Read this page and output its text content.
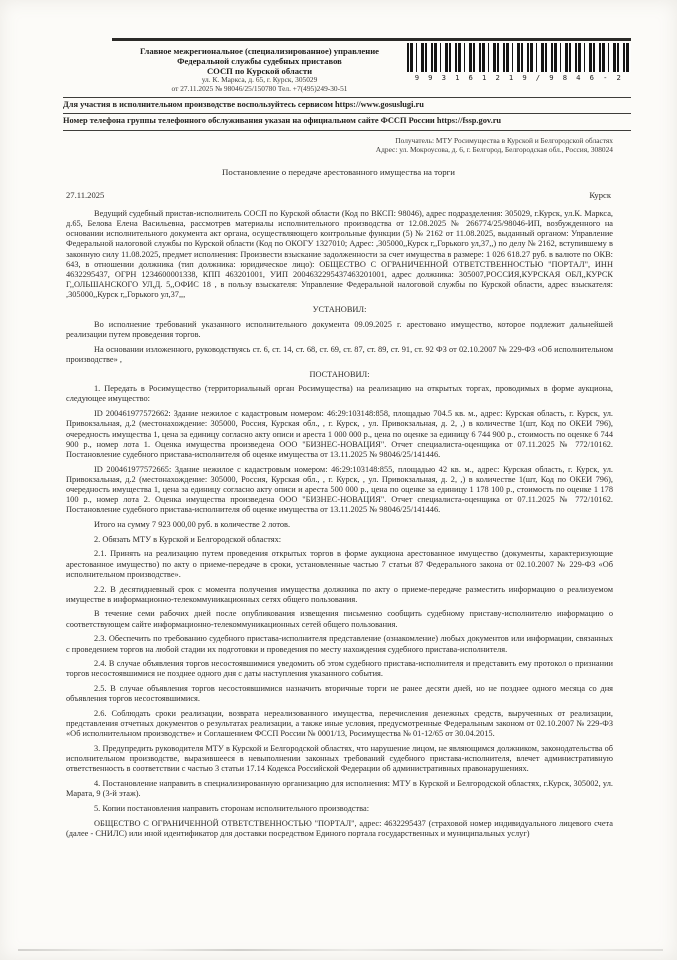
Главное межрегиональное (специализированное) управление
Федеральной службы судебных приставов
СОСП по Курской области
ул. К. Маркса, д. 65, г. Курск, 305029
от 27.11.2025 № 98046/25/150780 Тел. +7(495)249-30-51
9 9 3 1 6 1 2 1 9 / 9 8 4 6 - 2
Для участия в исполнительном производстве воспользуйтесь сервисом https://www.gosuslugi.ru
Номер телефона группы телефонного обслуживания указан на официальном сайте ФССП России https://fssp.gov.ru
Получатель: МТУ Росимущества в Курской и Белгородской областях
Адрес: ул. Мокроусова, д. 6, г. Белгород, Белгородская обл., Россия, 308024
Постановление о передаче арестованного имущества на торги
27.11.2025	Курск

Ведущий судебный пристав-исполнитель СОСП по Курской области (Код по ВКСП: 98046), адрес подразделения: 305029, г.Курск, ул.К. Маркса, д.65, Белова Елена Васильевна, рассмотрев материалы исполнительного производства от 12.08.2025 № 266774/25/98046-ИП, возбужденного на основании исполнительного документа акт органа, осуществляющего контрольные функции (5) № 2162 от 11.08.2025, выданный органом: Управление Федеральной налоговой службы по Курской области (Код по ОКОГУ 1327010; Адрес: ,305000,,Курск г,,Горького ул,37,,) по делу № 2162, вступившему в законную силу 11.08.2025, предмет исполнения: Произвести взыскание задолженности за счет имущества в размере: 1 026 618.27 руб. в валюте по ОКВ: 643, в отношении должника (тип должника: юридическое лицо): ОБЩЕСТВО С ОГРАНИЧЕННОЙ ОТВЕТСТВЕННОСТЬЮ "ПОРТАЛ", ИНН 4632295437, ОГРН 1234600001338, КПП 463201001, УИП 2004632295437463201001, адрес должника: 305007,РОССИЯ,КУРСКАЯ ОБЛ,,КУРСК Г,,ОЛЬШАНСКОГО УЛ,Д. 5,,ОФИС 18 , в пользу взыскателя: Управление Федеральной налоговой службы по Курской области, адрес взыскателя: ,305000,,Курск г,,Горького ул,37,,,

УСТАНОВИЛ:

Во исполнение требований указанного исполнительного документа 09.09.2025 г. арестовано имущество, которое подлежит дальнейшей реализации путем проведения торгов.

На основании изложенного, руководствуясь ст. 6, ст. 14, ст. 68, ст. 69, ст. 87, ст. 89, ст. 91, ст. 92 ФЗ от 02.10.2007 № 229-ФЗ «Об исполнительном производстве» ,

ПОСТАНОВИЛ:

1. Передать в Росимущество (территориальный орган Росимущества) на реализацию на открытых торгах, проводимых в форме аукциона, следующее имущество:

ID 200461977572662: Здание нежилое с кадастровым номером: 46:29:103148:858, площадью 704.5 кв. м., адрес: Курская область, г. Курск, ул. Привокзальная, д.2 (местонахождение: 305000, Россия, Курская обл., , г. Курск, , ул. Привокзальная, д. 2, ,) в количестве 1(шт, Код по ОКЕИ 796), очередность имущества 1, цена за единицу согласно акту описи и ареста 1 000 000 р., цена по оценке за единицу 6 744 900 р., стоимость по оценке 6 744 900 р., номер лота 1. Оценка имущества произведена ООО "БИЗНЕС-НОВАЦИЯ". Отчет специалиста-оценщика от 07.11.2025 № 772/10162. Постановление судебного пристава-исполнителя об оценке имущества от 13.11.2025 № 98046/25/141446.

ID 200461977572665: Здание нежилое с кадастровым номером: 46:29:103148:855, площадью 42 кв. м., адрес: Курская область, г. Курск, ул. Привокзальная, д.2 (местонахождение: 305000, Россия, Курская обл., , г. Курск, , ул. Привокзальная, д. 2, ,) в количестве 1(шт, Код по ОКЕИ 796), очередность имущества 1, цена за единицу согласно акту описи и ареста 500 000 р., цена по оценке за единицу 1 178 100 р., стоимость по оценке 1 178 100 р., номер лота 2. Оценка имущества произведена ООО "БИЗНЕС-НОВАЦИЯ". Отчет специалиста-оценщика от 07.11.2025 № 772/10162. Постановление судебного пристава-исполнителя об оценке имущества от 13.11.2025 № 98046/25/141446.

Итого на сумму 7 923 000,00 руб. в количестве 2 лотов.

2. Обязать МТУ в Курской и Белгородской областях:

2.1. Принять на реализацию путем проведения открытых торгов в форме аукциона арестованное имущество (документы, характеризующие арестованное имущество) по акту о приеме-передаче в сроки, установленные частью 7 статьи 87 Федерального закона от 02.10.2007 № 229-ФЗ «Об исполнительном производстве».

2.2. В десятидневный срок с момента получения имущества должника по акту о приеме-передаче разместить информацию о реализуемом имуществе в информационно-телекоммуникационных сетях общего пользования.

В течение семи рабочих дней после опубликования извещения письменно сообщить судебному приставу-исполнителю информацию о соответствующем сайте информационно-телекоммуникационных сетей общего пользования.

2.3. Обеспечить по требованию судебного пристава-исполнителя представление (ознакомление) любых документов или информации, связанных с проведением торгов на любой стадии их подготовки и проведения по месту нахождения судебного пристава-исполнителя.

2.4. В случае объявления торгов несостоявшимися уведомить об этом судебного пристава-исполнителя и представить ему протокол о признании торгов несостоявшимися не позднее одного дня с даты наступления указанного события.

2.5. В случае объявления торгов несостоявшимися назначить вторичные торги не ранее десяти дней, но не позднее одного месяца со дня объявления торгов несостоявшимися.

2.6. Соблюдать сроки реализации, возврата нереализованного имущества, перечисления денежных средств, вырученных от реализации, представления отчетных документов о результатах реализации, а также иные условия, предусмотренные Федеральным законом от 02.10.2007 № 229-ФЗ «Об исполнительном производстве» и Соглашением ФССП России № 0001/13, Росимущества № 01-12/65 от 30.04.2015.

3. Предупредить руководителя МТУ в Курской и Белгородской областях, что нарушение лицом, не являющимся должником, законодательства об исполнительном производстве, выразившееся в невыполнении законных требований судебного пристава-исполнителя, влечет административную ответственность в соответствии с частью 3 статьи 17.14 Кодекса Российской Федерации об административных правонарушениях.

4. Постановление направить в специализированную организацию для исполнения: МТУ в Курской и Белгородской областях, г.Курск, 305002, ул. Марата, 9 (3-й этаж).

5. Копии постановления направить сторонам исполнительного производства:

ОБЩЕСТВО С ОГРАНИЧЕННОЙ ОТВЕТСТВЕННОСТЬЮ "ПОРТАЛ", адрес: 4632295437 (страховой номер индивидуального лицевого счета (далее - СНИЛС) или иной идентификатор для доставки посредством Единого портала государственных и муниципальных услуг)
